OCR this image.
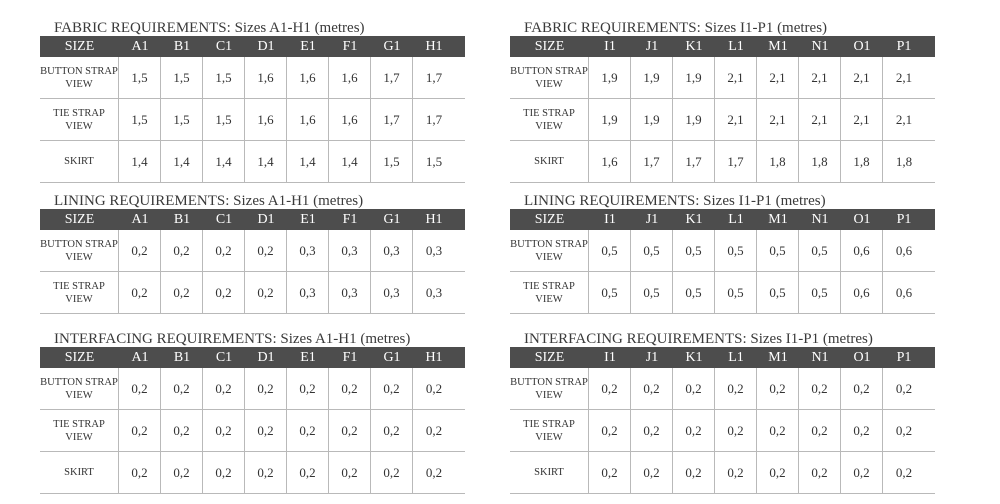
FABRIC REQUIREMENTS: Sizes A1-H1 (metres)
SIZE	A1	B1	C1	D1	E1	F1	G1	H1
BUTTON STRAP VIEW	1,5	1,5	1,5	1,6	1,6	1,6	1,7	1,7
TIE STRAP VIEW	1,5	1,5	1,5	1,6	1,6	1,6	1,7	1,7
SKIRT	1,4	1,4	1,4	1,4	1,4	1,4	1,5	1,5
FABRIC REQUIREMENTS: Sizes I1-P1 (metres)
SIZE	I1	J1	K1	L1	M1	N1	O1	P1
BUTTON STRAP VIEW	1,9	1,9	1,9	2,1	2,1	2,1	2,1	2,1
TIE STRAP VIEW	1,9	1,9	1,9	2,1	2,1	2,1	2,1	2,1
SKIRT	1,6	1,7	1,7	1,7	1,8	1,8	1,8	1,8
LINING REQUIREMENTS: Sizes A1-H1 (metres)
SIZE	A1	B1	C1	D1	E1	F1	G1	H1
BUTTON STRAP VIEW	0,2	0,2	0,2	0,2	0,3	0,3	0,3	0,3
TIE STRAP VIEW	0,2	0,2	0,2	0,2	0,3	0,3	0,3	0,3
LINING REQUIREMENTS: Sizes I1-P1 (metres)
SIZE	I1	J1	K1	L1	M1	N1	O1	P1
BUTTON STRAP VIEW	0,5	0,5	0,5	0,5	0,5	0,5	0,6	0,6
TIE STRAP VIEW	0,5	0,5	0,5	0,5	0,5	0,5	0,6	0,6
INTERFACING REQUIREMENTS: Sizes A1-H1 (metres)
SIZE	A1	B1	C1	D1	E1	F1	G1	H1
BUTTON STRAP VIEW	0,2	0,2	0,2	0,2	0,2	0,2	0,2	0,2
TIE STRAP VIEW	0,2	0,2	0,2	0,2	0,2	0,2	0,2	0,2
SKIRT	0,2	0,2	0,2	0,2	0,2	0,2	0,2	0,2
INTERFACING REQUIREMENTS: Sizes I1-P1 (metres)
SIZE	I1	J1	K1	L1	M1	N1	O1	P1
BUTTON STRAP VIEW	0,2	0,2	0,2	0,2	0,2	0,2	0,2	0,2
TIE STRAP VIEW	0,2	0,2	0,2	0,2	0,2	0,2	0,2	0,2
SKIRT	0,2	0,2	0,2	0,2	0,2	0,2	0,2	0,2
